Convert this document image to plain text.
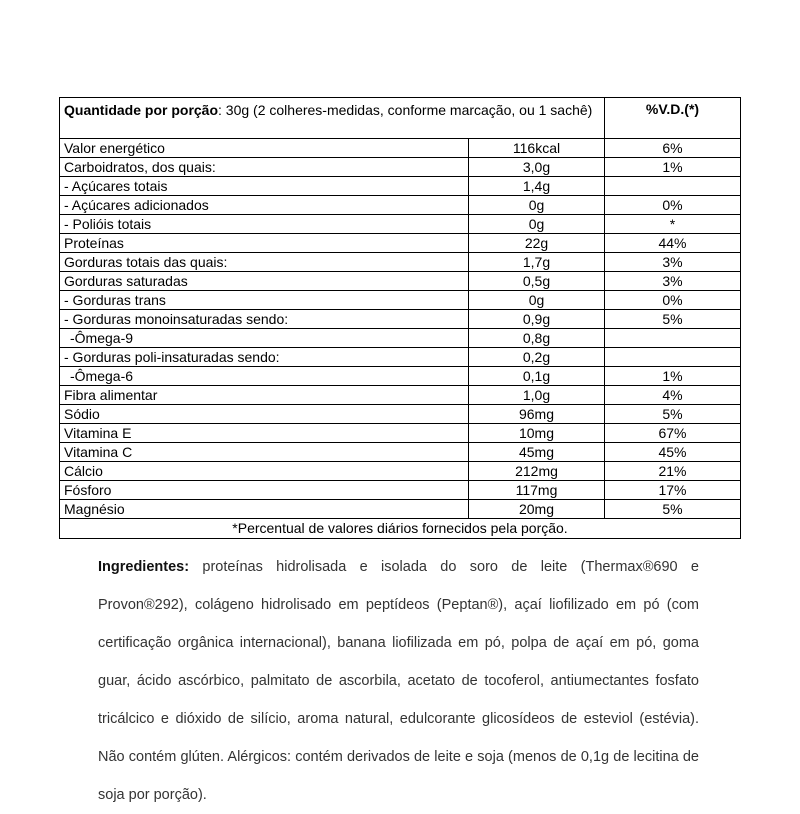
Quantidade por porção: 30g (2 colheres-medidas, conforme marcação, ou 1 sachê)		%V.D.(*)
Valor energético	116kcal	6%
Carboidratos, dos quais:	3,0g	1%
- Açúcares totais	1,4g	
- Açúcares adicionados	0g	0%
- Polióis totais	0g	*
Proteínas	22g	44%
Gorduras totais das quais:	1,7g	3%
Gorduras saturadas	0,5g	3%
- Gorduras trans	0g	0%
- Gorduras monoinsaturadas sendo:	0,9g	5%
-Ômega-9	0,8g	
- Gorduras poli-insaturadas sendo:	0,2g	
-Ômega-6	0,1g	1%
Fibra alimentar	1,0g	4%
Sódio	96mg	5%
Vitamina E	10mg	67%
Vitamina C	45mg	45%
Cálcio	212mg	21%
Fósforo	117mg	17%
Magnésio	20mg	5%
*Percentual de valores diários fornecidos pela porção.		
Ingredientes: proteínas hidrolisada e isolada do soro de leite (Thermax®690 e Provon®292), colágeno hidrolisado em peptídeos (Peptan®), açaí liofilizado em pó (com certificação orgânica internacional), banana liofilizada em pó, polpa de açaí em pó, goma guar, ácido ascórbico, palmitato de ascorbila, acetato de tocoferol, antiumectantes fosfato tricálcico e dióxido de silício, aroma natural, edulcorante glicosídeos de esteviol (estévia). Não contém glúten. Alérgicos: contém derivados de leite e soja (menos de 0,1g de lecitina de soja por porção).
